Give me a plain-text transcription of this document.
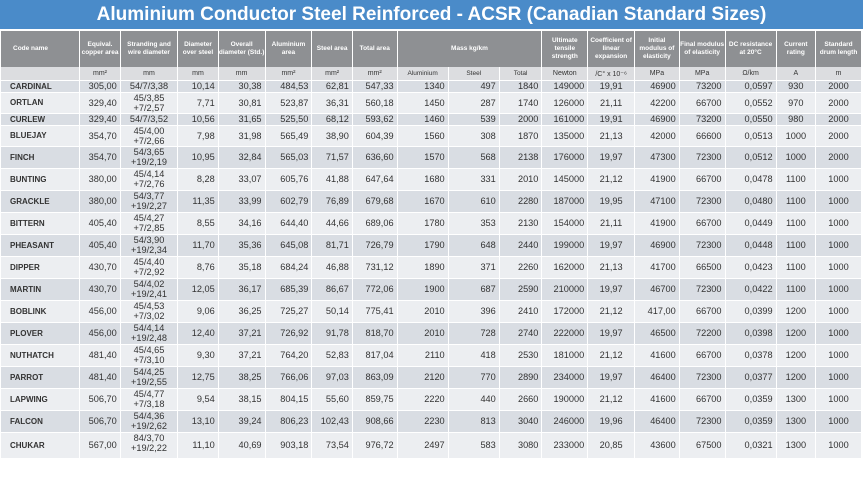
Aluminium Conductor Steel Reinforced - ACSR (Canadian Standard Sizes)
Code name	Equival. copper area	Stranding and wire diameter	Diameter over steel	Overall diameter (Std.)	Aluminium area	Steel area	Total area	Mass kg/km			Ultimate tensile strength	Coefficient of linear expansion	Initial modulus of elasticity	Final modulus of elasticity	DC resistance at 20°C	Current rating	Standard drum length
	mm²	mm	mm	mm	mm²	mm²	mm²	Aluminium	Steel	Total	Newton	/C° x 10⁻⁶	MPa	MPa	Ω/km	A	m
CARDINAL	305,00	54/7/3,38	10,14	30,38	484,53	62,81	547,33	1340	497	1840	149000	19,91	46900	73200	0,0597	930	2000
ORTLAN	329,40	45/3,85
+7/2,57	7,71	30,81	523,87	36,31	560,18	1450	287	1740	126000	21,11	42200	66700	0,0552	970	2000
CURLEW	329,40	54/7/3,52	10,56	31,65	525,50	68,12	593,62	1460	539	2000	161000	19,91	46900	73200	0,0550	980	2000
BLUEJAY	354,70	45/4,00
+7/2,66	7,98	31,98	565,49	38,90	604,39	1560	308	1870	135000	21,13	42000	66600	0,0513	1000	2000
FINCH	354,70	54/3,65
+19/2,19	10,95	32,84	565,03	71,57	636,60	1570	568	2138	176000	19,97	47300	72300	0,0512	1000	2000
BUNTING	380,00	45/4,14
+7/2,76	8,28	33,07	605,76	41,88	647,64	1680	331	2010	145000	21,12	41900	66700	0,0478	1100	1000
GRACKLE	380,00	54/3,77
+19/2,27	11,35	33,99	602,79	76,89	679,68	1670	610	2280	187000	19,95	47100	72300	0,0480	1100	1000
BITTERN	405,40	45/4,27
+7/2,85	8,55	34,16	644,40	44,66	689,06	1780	353	2130	154000	21,11	41900	66700	0,0449	1100	1000
PHEASANT	405,40	54/3,90
+19/2,34	11,70	35,36	645,08	81,71	726,79	1790	648	2440	199000	19,97	46900	72300	0,0448	1100	1000
DIPPER	430,70	45/4,40
+7/2,92	8,76	35,18	684,24	46,88	731,12	1890	371	2260	162000	21,13	41700	66500	0,0423	1100	1000
MARTIN	430,70	54/4,02
+19/2,41	12,05	36,17	685,39	86,67	772,06	1900	687	2590	210000	19,97	46700	72300	0,0422	1100	1000
BOBLINK	456,00	45/4,53
+7/3,02	9,06	36,25	725,27	50,14	775,41	2010	396	2410	172000	21,12	417,00	66700	0,0399	1200	1000
PLOVER	456,00	54/4,14
+19/2,48	12,40	37,21	726,92	91,78	818,70	2010	728	2740	222000	19,97	46500	72200	0,0398	1200	1000
NUTHATCH	481,40	45/4,65
+7/3,10	9,30	37,21	764,20	52,83	817,04	2110	418	2530	181000	21,12	41600	66700	0,0378	1200	1000
PARROT	481,40	54/4,25
+19/2,55	12,75	38,25	766,06	97,03	863,09	2120	770	2890	234000	19,97	46400	72300	0,0377	1200	1000
LAPWING	506,70	45/4,77
+7/3,18	9,54	38,15	804,15	55,60	859,75	2220	440	2660	190000	21,12	41600	66700	0,0359	1300	1000
FALCON	506,70	54/4,36
+19/2,62	13,10	39,24	806,23	102,43	908,66	2230	813	3040	246000	19,96	46400	72300	0,0359	1300	1000
CHUKAR	567,00	84/3,70
+19/2,22	11,10	40,69	903,18	73,54	976,72	2497	583	3080	233000	20,85	43600	67500	0,0321	1300	1000
